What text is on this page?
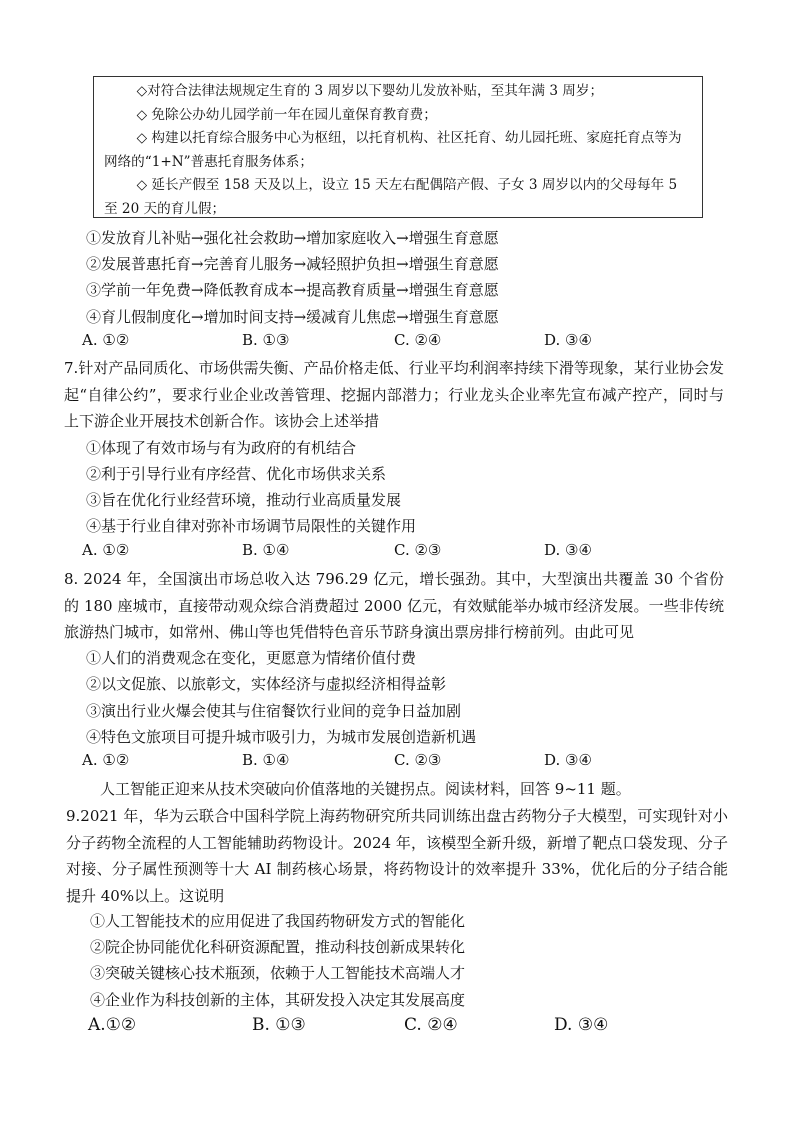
◇对符合法律法规规定生育的 3 周岁以下婴幼儿发放补贴，至其年满 3 周岁；
◇ 免除公办幼儿园学前一年在园儿童保育教育费；
◇ 构建以托育综合服务中心为枢纽，以托育机构、社区托育、幼儿园托班、家庭托育点等为网络的“1+N”普惠托育服务体系；
◇ 延长产假至 158 天及以上，设立 15 天左右配偶陪产假、子女 3 周岁以内的父母每年 5 至 20 天的育儿假；
①发放育儿补贴→强化社会救助→增加家庭收入→增强生育意愿
②发展普惠托育→完善育儿服务→减轻照护负担→增强生育意愿
③学前一年免费→降低教育成本→提高教育质量→增强生育意愿
④育儿假制度化→增加时间支持→缓减育儿焦虑→增强生育意愿
A. ①②	B. ①③	C. ②④	D. ③④
7.针对产品同质化、市场供需失衡、产品价格走低、行业平均利润率持续下滑等现象，某行业协会发起“自律公约”，要求行业企业改善管理、挖掘内部潜力；行业龙头企业率先宣布减产控产，同时与上下游企业开展技术创新合作。该协会上述举措
①体现了有效市场与有为政府的有机结合
②利于引导行业有序经营、优化市场供求关系
③旨在优化行业经营环境，推动行业高质量发展
④基于行业自律对弥补市场调节局限性的关键作用
A. ①②	B. ①④	C. ②③	D. ③④
8. 2024 年，全国演出市场总收入达 796.29 亿元，增长强劲。其中，大型演出共覆盖 30 个省份的 180 座城市，直接带动观众综合消费超过 2000 亿元，有效赋能举办城市经济发展。一些非传统旅游热门城市，如常州、佛山等也凭借特色音乐节跻身演出票房排行榜前列。由此可见
①人们的消费观念在变化，更愿意为情绪价值付费
②以文促旅、以旅彰文，实体经济与虚拟经济相得益彰
③演出行业火爆会使其与住宿餐饮行业间的竞争日益加剧
④特色文旅项目可提升城市吸引力，为城市发展创造新机遇
A. ①②	B. ①④	C. ②③	D. ③④
人工智能正迎来从技术突破向价值落地的关键拐点。阅读材料，回答 9~11 题。
9.2021 年，华为云联合中国科学院上海药物研究所共同训练出盘古药物分子大模型，可实现针对小分子药物全流程的人工智能辅助药物设计。2024 年，该模型全新升级，新增了靶点口袋发现、分子对接、分子属性预测等十大 AI 制药核心场景，将药物设计的效率提升 33%，优化后的分子结合能提升 40%以上。这说明
①人工智能技术的应用促进了我国药物研发方式的智能化
②院企协同能优化科研资源配置，推动科技创新成果转化
③突破关键核心技术瓶颈，依赖于人工智能技术高端人才
④企业作为科技创新的主体，其研发投入决定其发展高度
A.①②	B. ①③	C. ②④	D. ③④
